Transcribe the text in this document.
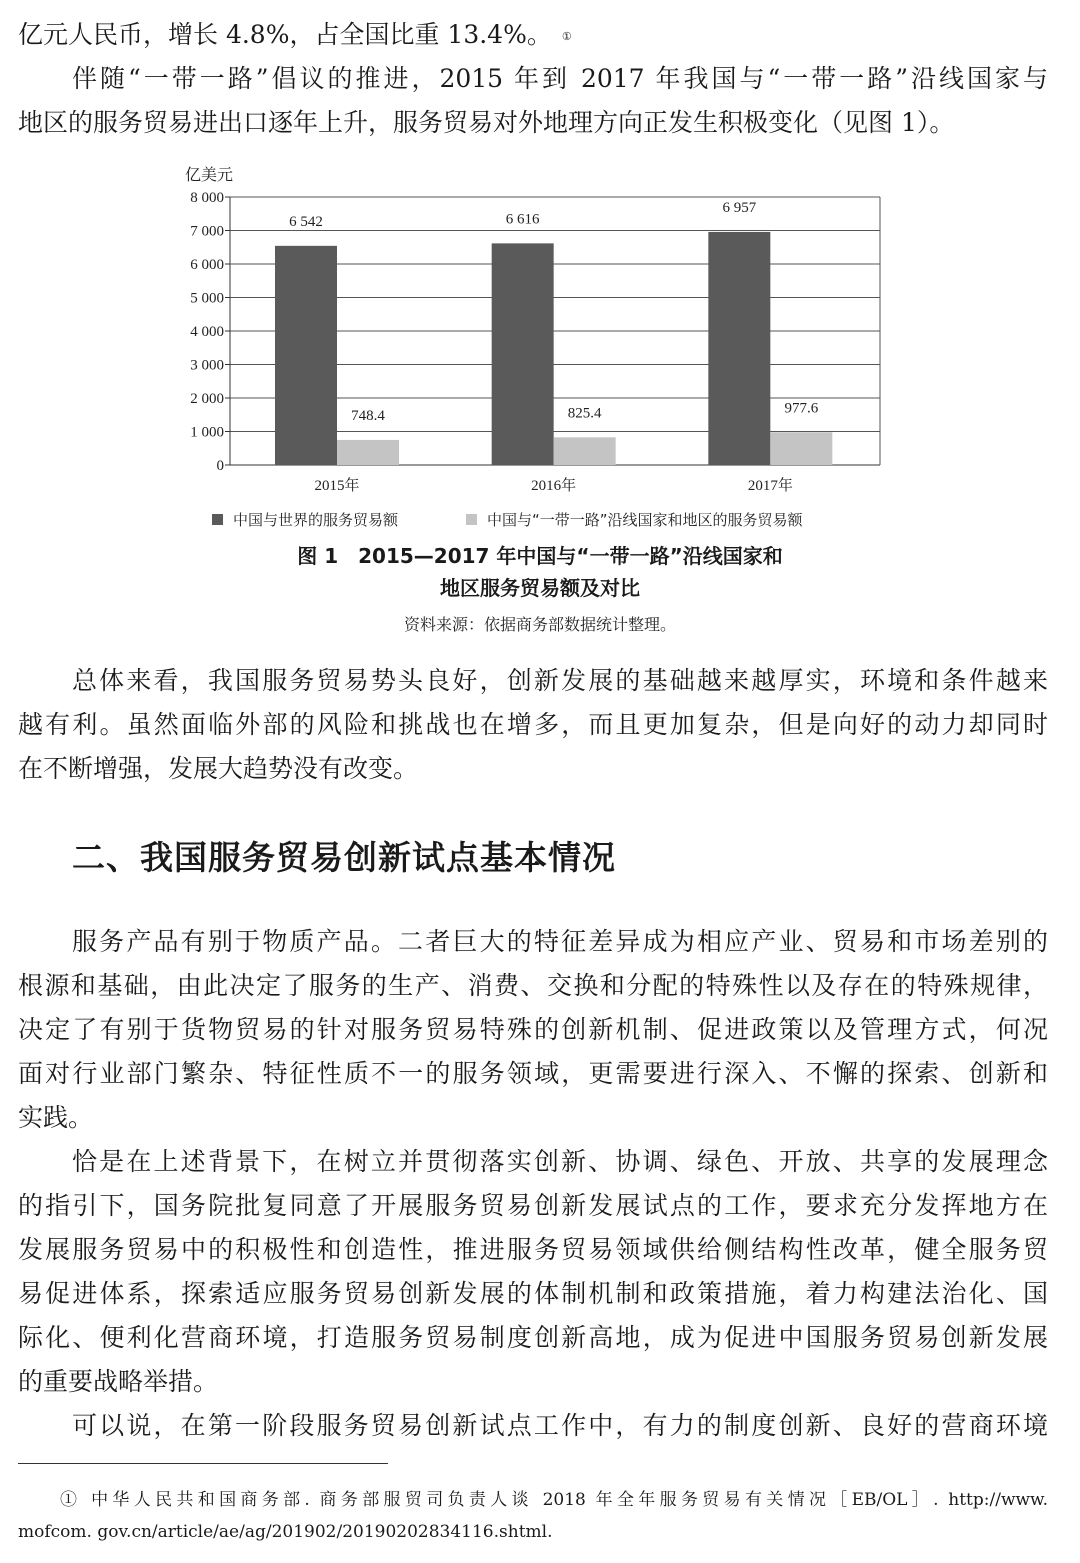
亿元人民币，增长 4.8%，占全国比重 13.4%。 ①
伴随“一带一路”倡议的推进，2015 年到 2017 年我国与“一带一路”沿线国家与
地区的服务贸易进出口逐年上升，服务贸易对外地理方向正发生积极变化（见图 1）。
亿美元
0
1 000
2 000
3 000
4 000
5 000
6 000
7 000
8 000
6 542
748.4
2015年
6 616
825.4
2016年
6 957
977.6
2017年
中国与世界的服务贸易额	中国与“一带一路”沿线国家和地区的服务贸易额
图 1　2015—2017 年中国与“一带一路”沿线国家和
地区服务贸易额及对比
资料来源：依据商务部数据统计整理。
总体来看，我国服务贸易势头良好，创新发展的基础越来越厚实，环境和条件越来
越有利。虽然面临外部的风险和挑战也在增多，而且更加复杂，但是向好的动力却同时
在不断增强，发展大趋势没有改变。
二、我国服务贸易创新试点基本情况
服务产品有别于物质产品。二者巨大的特征差异成为相应产业、贸易和市场差别的
根源和基础，由此决定了服务的生产、消费、交换和分配的特殊性以及存在的特殊规律，
决定了有别于货物贸易的针对服务贸易特殊的创新机制、促进政策以及管理方式，何况
面对行业部门繁杂、特征性质不一的服务领域，更需要进行深入、不懈的探索、创新和
实践。
恰是在上述背景下，在树立并贯彻落实创新、协调、绿色、开放、共享的发展理念
的指引下，国务院批复同意了开展服务贸易创新发展试点的工作，要求充分发挥地方在
发展服务贸易中的积极性和创造性，推进服务贸易领域供给侧结构性改革，健全服务贸
易促进体系，探索适应服务贸易创新发展的体制机制和政策措施，着力构建法治化、国
际化、便利化营商环境，打造服务贸易制度创新高地，成为促进中国服务贸易创新发展
的重要战略举措。
可以说，在第一阶段服务贸易创新试点工作中，有力的制度创新、良好的营商环境
① 中华人民共和国商务部. 商务部服贸司负责人谈 2018 年全年服务贸易有关情况［EB/OL］. http://www.
mofcom. gov.cn/article/ae/ag/201902/20190202834116.shtml.
